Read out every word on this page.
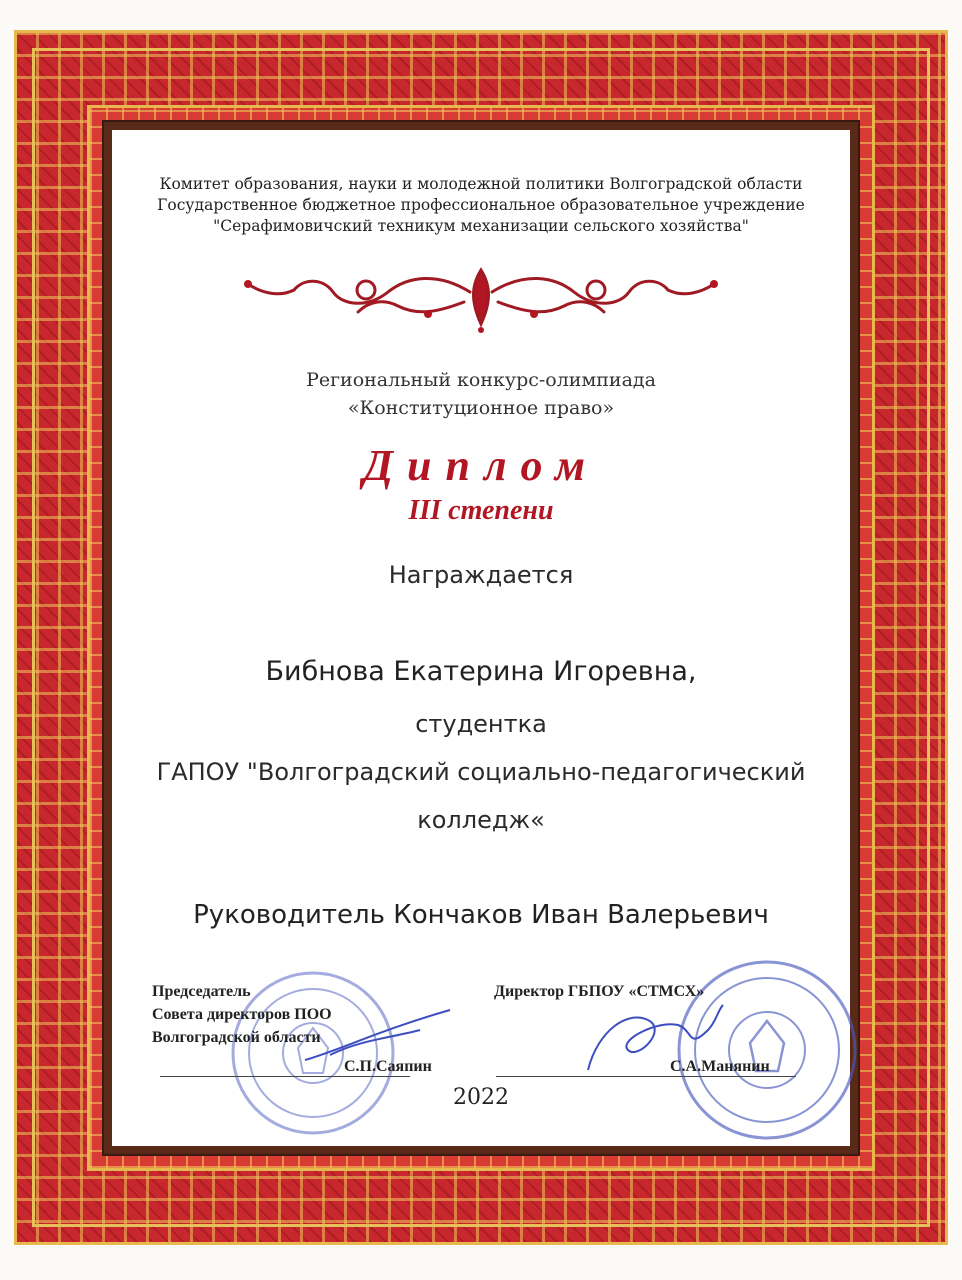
Комитет образования, науки и молодежной политики Волгоградской области

Государственное бюджетное профессиональное образовательное учреждение

"Серафимовичский техникум механизации сельского хозяйства"

Региональный конкурс-олимпиада

«Конституционное право»

Диплом

III степени

Награждается

Бибнова Екатерина Игоревна,

студентка

ГАПОУ "Волгоградский социально-педагогический

колледж«

Руководитель Кончаков Иван Валерьевич

Председатель
Совета директоров ПОО
Волгоградской области
С.П.Саяпин
Директор ГБПОУ «СТМСХ»
С.А.Манянин

2022
